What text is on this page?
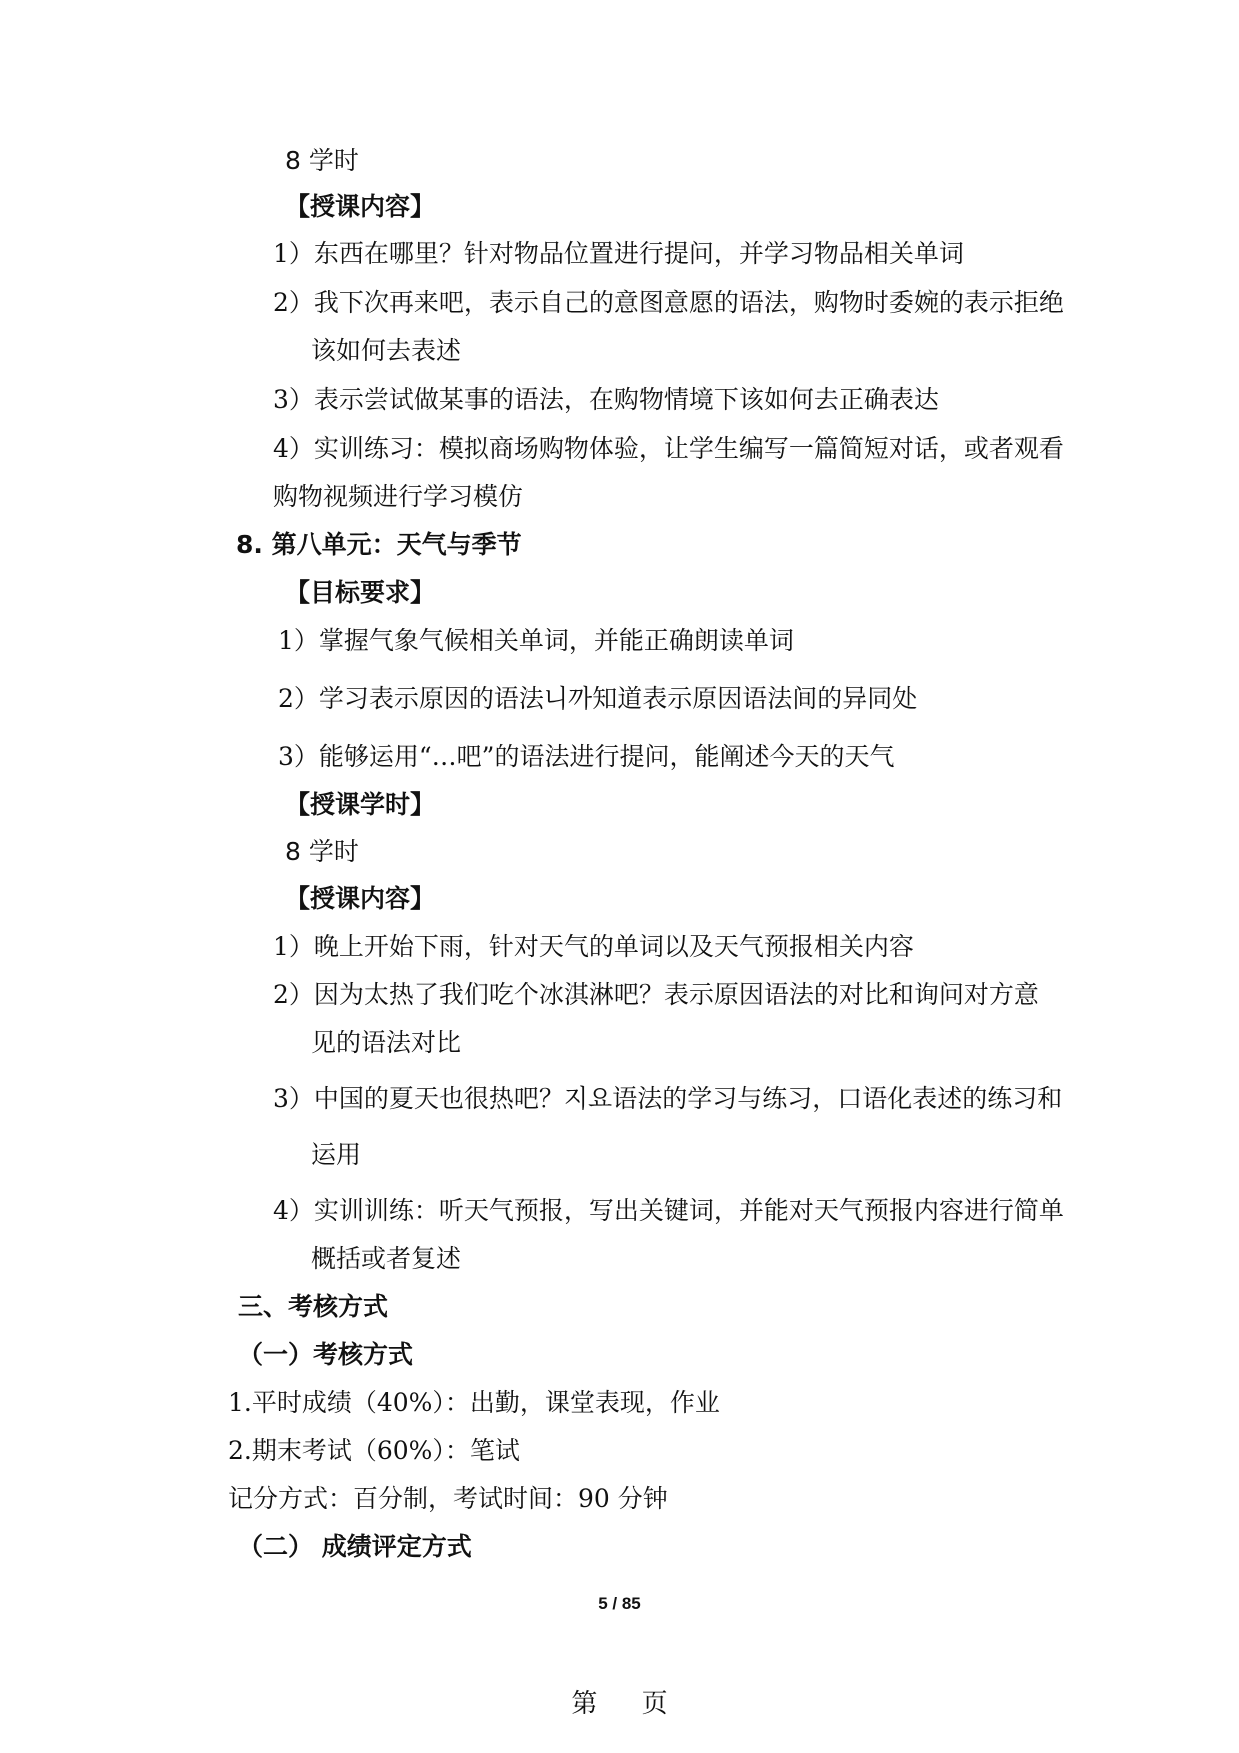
8 学时
【授课内容】
1）东西在哪里？针对物品位置进行提问，并学习物品相关单词
2）我下次再来吧，表示自己的意图意愿的语法，购物时委婉的表示拒绝
该如何去表述
3）表示尝试做某事的语法，在购物情境下该如何去正确表达
4）实训练习：模拟商场购物体验，让学生编写一篇简短对话，或者观看
购物视频进行学习模仿
8. 第八单元：天气与季节
【目标要求】
1）掌握气象气候相关单词，并能正确朗读单词
2）学习表示原因的语法니까知道表示原因语法间的异同处
3）能够运用“…吧”的语法进行提问，能阐述今天的天气
【授课学时】
8 学时
【授课内容】
1）晚上开始下雨，针对天气的单词以及天气预报相关内容
2）因为太热了我们吃个冰淇淋吧？表示原因语法的对比和询问对方意
见的语法对比
3）中国的夏天也很热吧？지요语法的学习与练习，口语化表述的练习和
运用
4）实训训练：听天气预报，写出关键词，并能对天气预报内容进行简单
概括或者复述
三、考核方式
（一）考核方式
1.平时成绩（40%）：出勤，课堂表现，作业
2.期末考试（60%）：笔试
记分方式：百分制，考试时间：90 分钟
（二） 成绩评定方式
5 / 85
第 页
